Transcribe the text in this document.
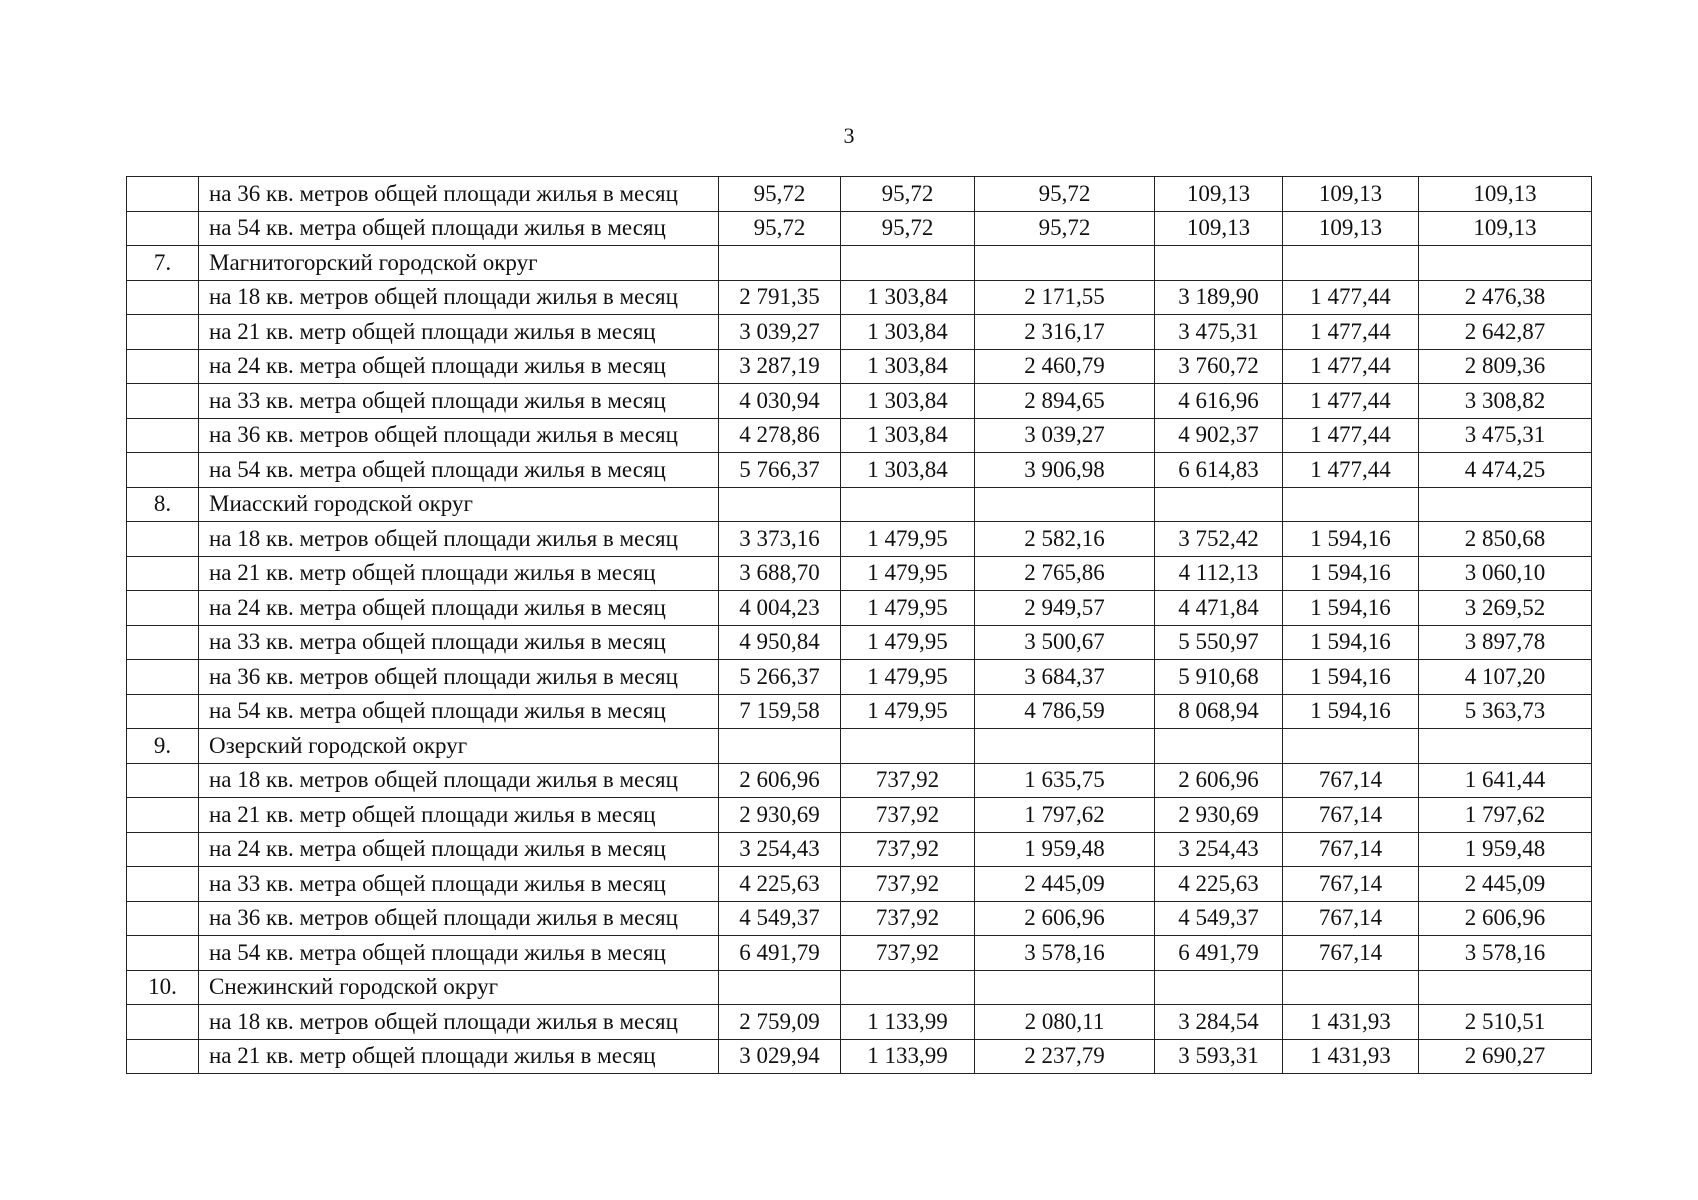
3
	на 36 кв. метров общей площади жилья в месяц	95,72	95,72	95,72	109,13	109,13	109,13
	на 54 кв. метра общей площади жилья в месяц	95,72	95,72	95,72	109,13	109,13	109,13
7.	Магнитогорский городской округ						
	на 18 кв. метров общей площади жилья в месяц	2 791,35	1 303,84	2 171,55	3 189,90	1 477,44	2 476,38
	на 21 кв. метр общей площади жилья в месяц	3 039,27	1 303,84	2 316,17	3 475,31	1 477,44	2 642,87
	на 24 кв. метра общей площади жилья в месяц	3 287,19	1 303,84	2 460,79	3 760,72	1 477,44	2 809,36
	на 33 кв. метра общей площади жилья в месяц	4 030,94	1 303,84	2 894,65	4 616,96	1 477,44	3 308,82
	на 36 кв. метров общей площади жилья в месяц	4 278,86	1 303,84	3 039,27	4 902,37	1 477,44	3 475,31
	на 54 кв. метра общей площади жилья в месяц	5 766,37	1 303,84	3 906,98	6 614,83	1 477,44	4 474,25
8.	Миасский городской округ						
	на 18 кв. метров общей площади жилья в месяц	3 373,16	1 479,95	2 582,16	3 752,42	1 594,16	2 850,68
	на 21 кв. метр общей площади жилья в месяц	3 688,70	1 479,95	2 765,86	4 112,13	1 594,16	3 060,10
	на 24 кв. метра общей площади жилья в месяц	4 004,23	1 479,95	2 949,57	4 471,84	1 594,16	3 269,52
	на 33 кв. метра общей площади жилья в месяц	4 950,84	1 479,95	3 500,67	5 550,97	1 594,16	3 897,78
	на 36 кв. метров общей площади жилья в месяц	5 266,37	1 479,95	3 684,37	5 910,68	1 594,16	4 107,20
	на 54 кв. метра общей площади жилья в месяц	7 159,58	1 479,95	4 786,59	8 068,94	1 594,16	5 363,73
9.	Озерский городской округ						
	на 18 кв. метров общей площади жилья в месяц	2 606,96	737,92	1 635,75	2 606,96	767,14	1 641,44
	на 21 кв. метр общей площади жилья в месяц	2 930,69	737,92	1 797,62	2 930,69	767,14	1 797,62
	на 24 кв. метра общей площади жилья в месяц	3 254,43	737,92	1 959,48	3 254,43	767,14	1 959,48
	на 33 кв. метра общей площади жилья в месяц	4 225,63	737,92	2 445,09	4 225,63	767,14	2 445,09
	на 36 кв. метров общей площади жилья в месяц	4 549,37	737,92	2 606,96	4 549,37	767,14	2 606,96
	на 54 кв. метра общей площади жилья в месяц	6 491,79	737,92	3 578,16	6 491,79	767,14	3 578,16
10.	Снежинский городской округ						
	на 18 кв. метров общей площади жилья в месяц	2 759,09	1 133,99	2 080,11	3 284,54	1 431,93	2 510,51
	на 21 кв. метр общей площади жилья в месяц	3 029,94	1 133,99	2 237,79	3 593,31	1 431,93	2 690,27
